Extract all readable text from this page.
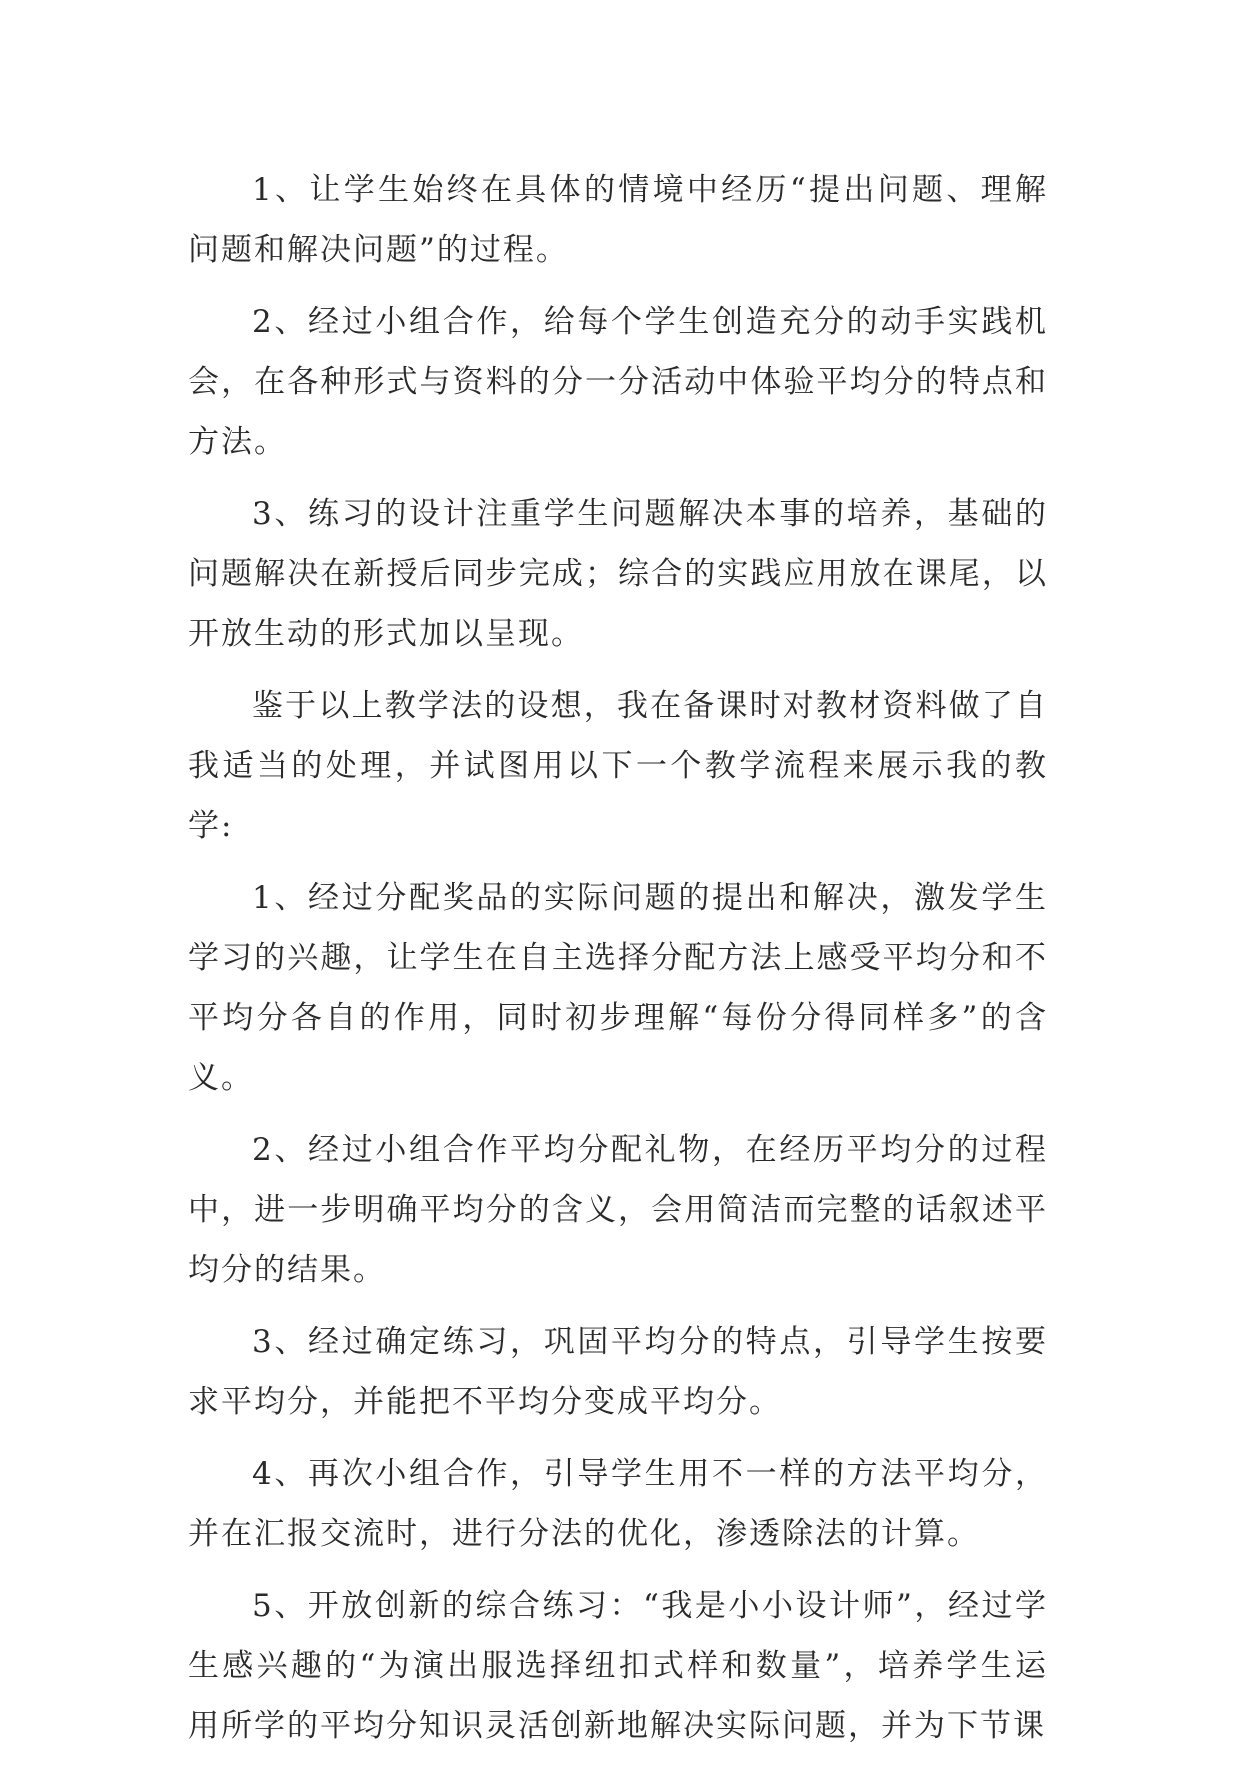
1、让学生始终在具体的情境中经历“提出问题、理解问题和解决问题”的过程。

2、经过小组合作，给每个学生创造充分的动手实践机会，在各种形式与资料的分一分活动中体验平均分的特点和方法。

3、练习的设计注重学生问题解决本事的培养，基础的问题解决在新授后同步完成；综合的实践应用放在课尾，以开放生动的形式加以呈现。

鉴于以上教学法的设想，我在备课时对教材资料做了自我适当的处理，并试图用以下一个教学流程来展示我的教学:

1、经过分配奖品的实际问题的提出和解决，激发学生学习的兴趣，让学生在自主选择分配方法上感受平均分和不平均分各自的作用，同时初步理解“每份分得同样多”的含义。

2、经过小组合作平均分配礼物，在经历平均分的过程中，进一步明确平均分的含义，会用简洁而完整的话叙述平均分的结果。

3、经过确定练习，巩固平均分的特点，引导学生按要求平均分，并能把不平均分变成平均分。

4、再次小组合作，引导学生用不一样的方法平均分，并在汇报交流时，进行分法的优化，渗透除法的计算。

5、开放创新的综合练习：“我是小小设计师”，经过学生感兴趣的“为演出服选择纽扣式样和数量”，培养学生运用所学的平均分知识灵活创新地解决实际问题，并为下节课
